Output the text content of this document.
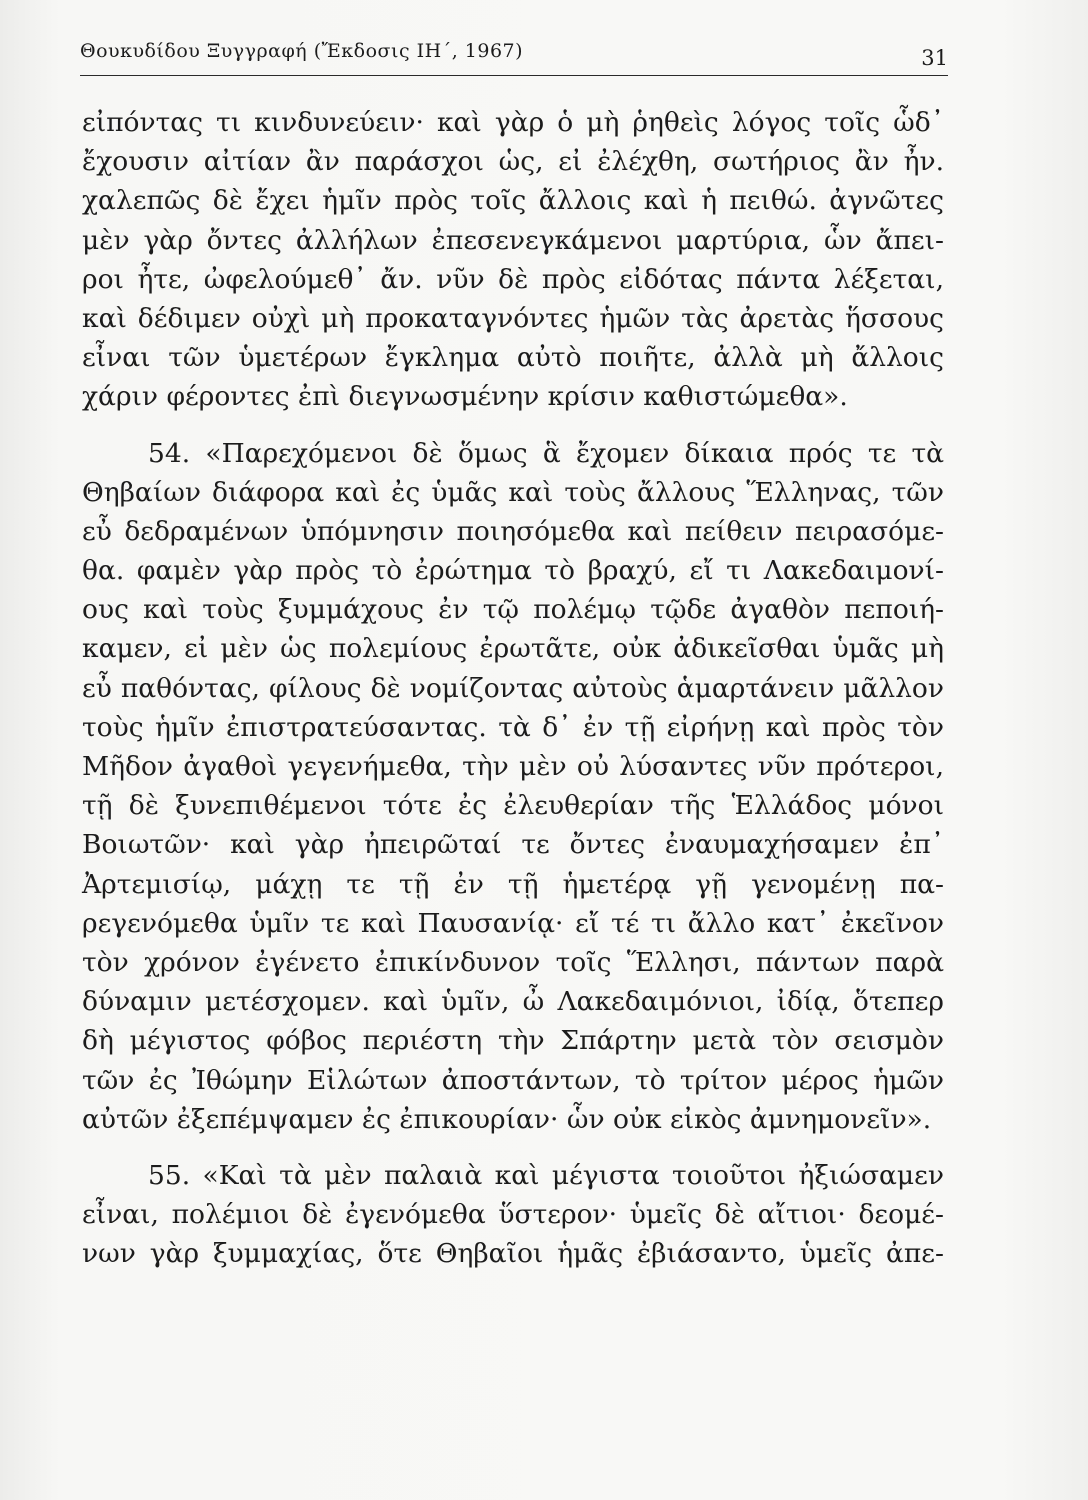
Θουκυδίδου Ξυγγραφή (Ἔκδοσις ΙΗ΄, 1967)	31
εἰπόντας τι κινδυνεύειν· καὶ γὰρ ὁ μὴ ῥηθεὶς λόγος τοῖς ὧδ᾿
ἔχουσιν αἰτίαν ἂν παράσχοι ὡς, εἰ ἐλέχθη, σωτήριος ἂν ἦν.
χαλεπῶς δὲ ἔχει ἡμῖν πρὸς τοῖς ἄλλοις καὶ ἡ πειθώ. ἀγνῶτες
μὲν γὰρ ὄντες ἀλλήλων ἐπεσενεγκάμενοι μαρτύρια, ὧν ἄπει-
ροι ἦτε, ὠφελούμεθ᾿ ἄν. νῦν δὲ πρὸς εἰδότας πάντα λέξεται,
καὶ δέδιμεν οὐχὶ μὴ προκαταγνόντες ἡμῶν τὰς ἀρετὰς ἥσσους
εἶναι τῶν ὑμετέρων ἔγκλημα αὐτὸ ποιῆτε, ἀλλὰ μὴ ἄλλοις
χάριν φέροντες ἐπὶ διεγνωσμένην κρίσιν καθιστώμεθα».
54. «Παρεχόμενοι δὲ ὅμως ἃ ἔχομεν δίκαια πρός τε τὰ
Θηβαίων διάφορα καὶ ἐς ὑμᾶς καὶ τοὺς ἄλλους Ἕλληνας, τῶν
εὖ δεδραμένων ὑπόμνησιν ποιησόμεθα καὶ πείθειν πειρασόμε-
θα. φαμὲν γὰρ πρὸς τὸ ἐρώτημα τὸ βραχύ, εἴ τι Λακεδαιμονί-
ους καὶ τοὺς ξυμμάχους ἐν τῷ πολέμῳ τῷδε ἀγαθὸν πεποιή-
καμεν, εἰ μὲν ὡς πολεμίους ἐρωτᾶτε, οὐκ ἀδικεῖσθαι ὑμᾶς μὴ
εὖ παθόντας, φίλους δὲ νομίζοντας αὐτοὺς ἁμαρτάνειν μᾶλλον
τοὺς ἡμῖν ἐπιστρατεύσαντας. τὰ δ᾿ ἐν τῇ εἰρήνῃ καὶ πρὸς τὸν
Μῆδον ἀγαθοὶ γεγενήμεθα, τὴν μὲν οὐ λύσαντες νῦν πρότεροι,
τῇ δὲ ξυνεπιθέμενοι τότε ἐς ἐλευθερίαν τῆς Ἑλλάδος μόνοι
Βοιωτῶν· καὶ γὰρ ἠπειρῶταί τε ὄντες ἐναυμαχήσαμεν ἐπ᾿
Ἀρτεμισίῳ, μάχῃ τε τῇ ἐν τῇ ἡμετέρᾳ γῇ γενομένῃ πα-
ρεγενόμεθα ὑμῖν τε καὶ Παυσανίᾳ· εἴ τέ τι ἄλλο κατ᾿ ἐκεῖνον
τὸν χρόνον ἐγένετο ἐπικίνδυνον τοῖς Ἕλλησι, πάντων παρὰ
δύναμιν μετέσχομεν. καὶ ὑμῖν, ὦ Λακεδαιμόνιοι, ἰδίᾳ, ὅτεπερ
δὴ μέγιστος φόβος περιέστη τὴν Σπάρτην μετὰ τὸν σεισμὸν
τῶν ἐς Ἰθώμην Εἱλώτων ἀποστάντων, τὸ τρίτον μέρος ἡμῶν
αὐτῶν ἐξεπέμψαμεν ἐς ἐπικουρίαν· ὧν οὐκ εἰκὸς ἀμνημονεῖν».
55. «Καὶ τὰ μὲν παλαιὰ καὶ μέγιστα τοιοῦτοι ἠξιώσαμεν
εἶναι, πολέμιοι δὲ ἐγενόμεθα ὕστερον· ὑμεῖς δὲ αἴτιοι· δεομέ-
νων γὰρ ξυμμαχίας, ὅτε Θηβαῖοι ἡμᾶς ἐβιάσαντο, ὑμεῖς ἀπε-
